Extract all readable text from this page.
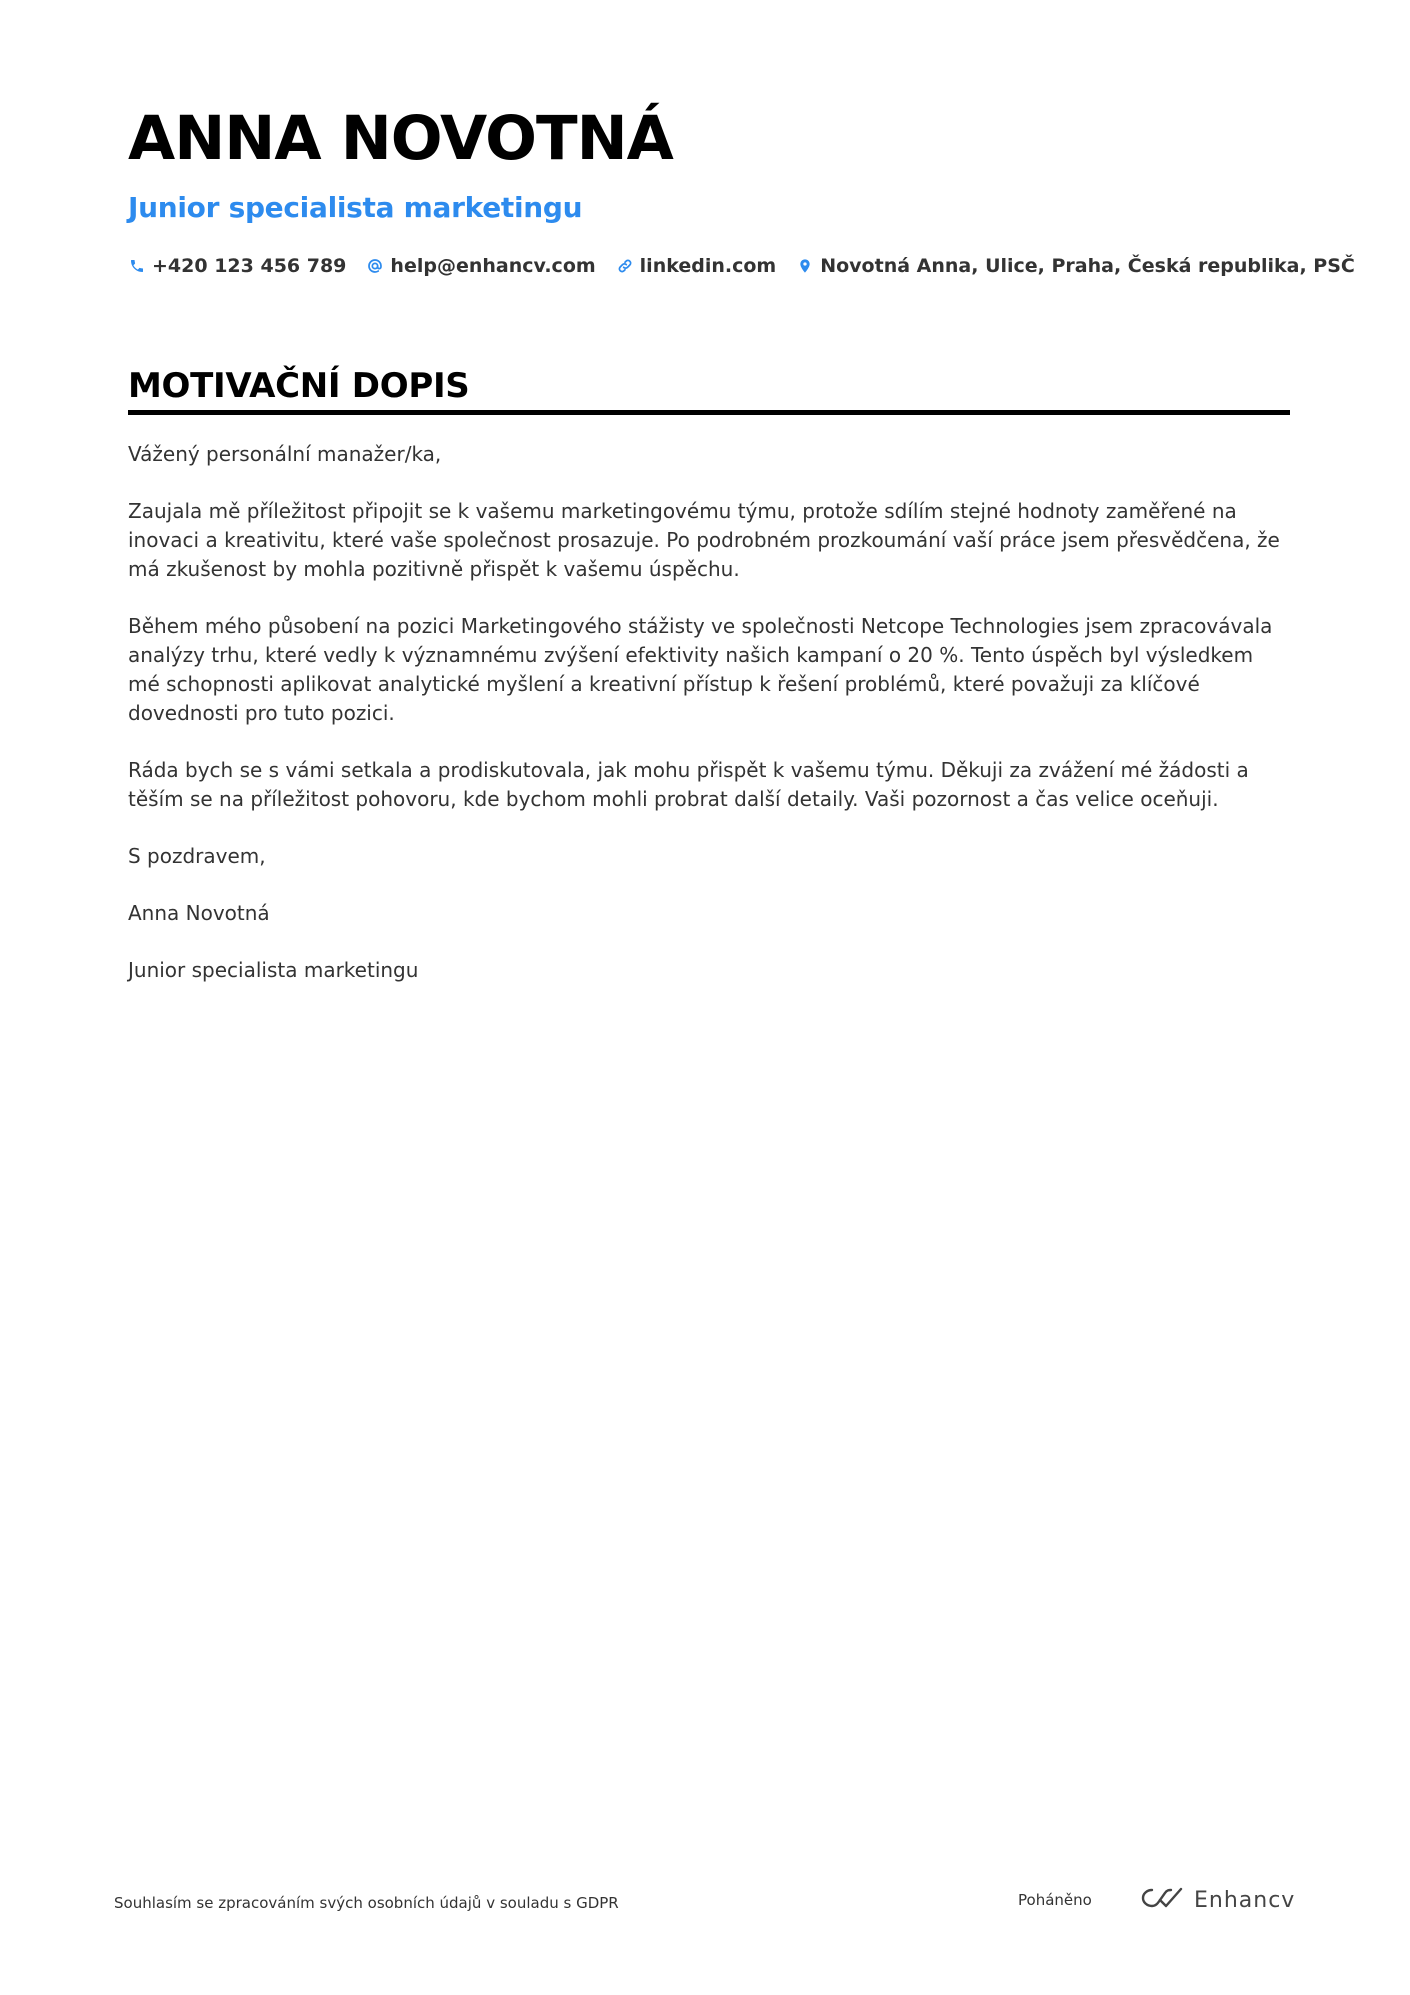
ANNA NOVOTNÁ
Junior specialista marketingu
+420 123 456 789 help@enhancv.com linkedin.com Novotná Anna, Ulice, Praha, Česká republika, PSČ
MOTIVAČNÍ DOPIS

Vážený personální manažer/ka,

Zaujala mě příležitost připojit se k vašemu marketingovému týmu, protože sdílím stejné hodnoty zaměřené na inovaci a kreativitu, které vaše společnost prosazuje. Po podrobném prozkoumání vaší práce jsem přesvědčena, že má zkušenost by mohla pozitivně přispět k vašemu úspěchu.

Během mého působení na pozici Marketingového stážisty ve společnosti Netcope Technologies jsem zpracovávala analýzy trhu, které vedly k významnému zvýšení efektivity našich kampaní o 20 %. Tento úspěch byl výsledkem mé schopnosti aplikovat analytické myšlení a kreativní přístup k řešení problémů, které považuji za klíčové dovednosti pro tuto pozici.

Ráda bych se s vámi setkala a prodiskutovala, jak mohu přispět k vašemu týmu. Děkuji za zvážení mé žádosti a těším se na příležitost pohovoru, kde bychom mohli probrat další detaily. Vaši pozornost a čas velice oceňuji.

S pozdravem,

Anna Novotná

Junior specialista marketingu

Souhlasím se zpracováním svých osobních údajů v souladu s GDPR	Poháněno	Enhancv
